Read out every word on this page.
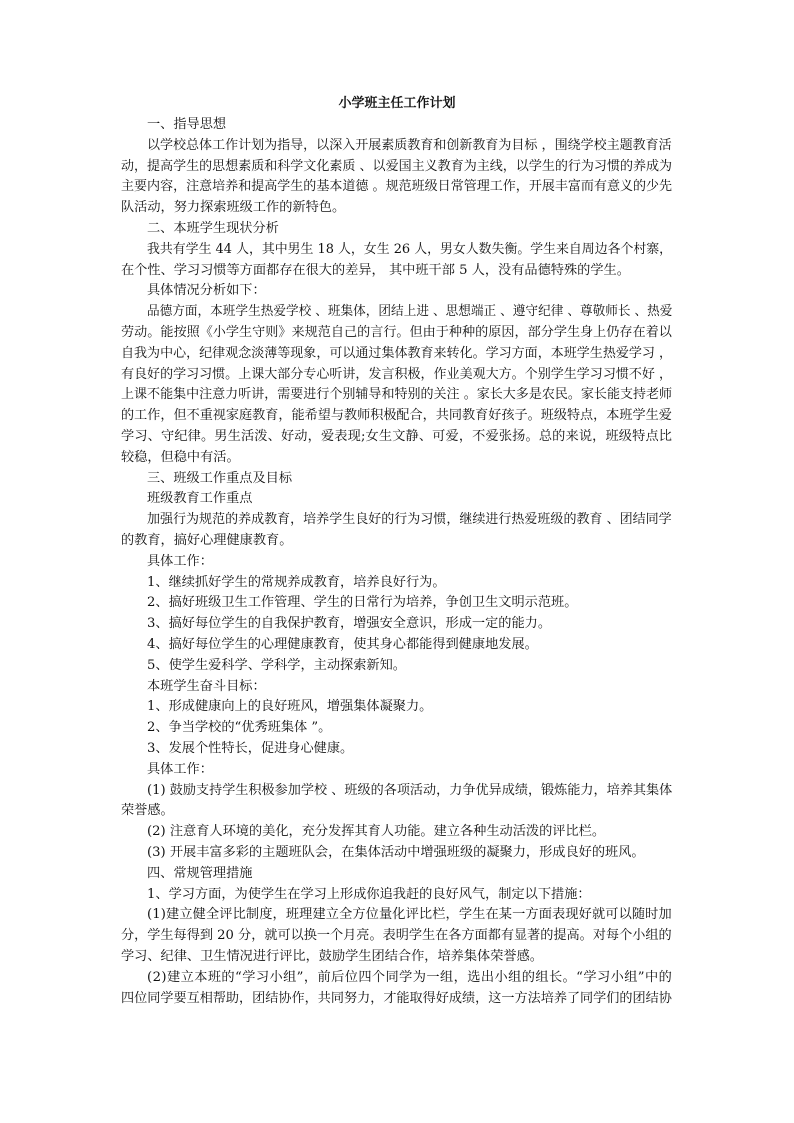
小学班主任工作计划
一、指导思想
以学校总体工作计划为指导，以深入开展素质教育和创新教育为目标 ，围绕学校主题教育活
动，提高学生的思想素质和科学文化素质 、以爱国主义教育为主线，以学生的行为习惯的养成为
主要内容，注意培养和提高学生的基本道德 。规范班级日常管理工作，开展丰富而有意义的少先
队活动，努力探索班级工作的新特色。
二、本班学生现状分析
我共有学生 44 人，其中男生 18 人，女生 26 人，男女人数失衡。学生来自周边各个村寨，
在个性、学习习惯等方面都存在很大的差异， 其中班干部 5 人，没有品德特殊的学生。
具体情况分析如下：
品德方面，本班学生热爱学校 、班集体，团结上进 、思想端正 、遵守纪律 、尊敬师长 、热爱
劳动。能按照《小学生守则》来规范自己的言行。但由于种种的原因，部分学生身上仍存在着以
自我为中心，纪律观念淡薄等现象，可以通过集体教育来转化。学习方面，本班学生热爱学习 ，
有良好的学习习惯。上课大部分专心听讲，发言积极，作业美观大方。个别学生学习习惯不好 ，
上课不能集中注意力听讲，需要进行个别辅导和特别的关注 。家长大多是农民。家长能支持老师
的工作，但不重视家庭教育，能希望与教师积极配合，共同教育好孩子。班级特点，本班学生爱
学习、守纪律。男生活泼、好动，爱表现;女生文静、可爱，不爱张扬。总的来说，班级特点比
较稳，但稳中有活。
三、班级工作重点及目标
班级教育工作重点
加强行为规范的养成教育，培养学生良好的行为习惯，继续进行热爱班级的教育 、团结同学
的教育，搞好心理健康教育。
具体工作：
1、继续抓好学生的常规养成教育，培养良好行为。
2、搞好班级卫生工作管理、学生的日常行为培养，争创卫生文明示范班。
3、搞好每位学生的自我保护教育，增强安全意识，形成一定的能力。
4、搞好每位学生的心理健康教育，使其身心都能得到健康地发展。
5、使学生爱科学、学科学，主动探索新知。
本班学生奋斗目标：
1、形成健康向上的良好班风，增强集体凝聚力。
2、争当学校的“优秀班集体 ”。
3、发展个性特长，促进身心健康。
具体工作：
(1) 鼓励支持学生积极参加学校 、班级的各项活动，力争优异成绩，锻炼能力，培养其集体
荣誉感。
(2) 注意育人环境的美化，充分发挥其育人功能。建立各种生动活泼的评比栏。
(3) 开展丰富多彩的主题班队会，在集体活动中增强班级的凝聚力，形成良好的班风。
四、常规管理措施
1、学习方面，为使学生在学习上形成你追我赶的良好风气，制定以下措施：
(1)建立健全评比制度，班理建立全方位量化评比栏，学生在某一方面表现好就可以随时加
分，学生每得到 20 分，就可以换一个月亮。表明学生在各方面都有显著的提高。对每个小组的
学习、纪律、卫生情况进行评比，鼓励学生团结合作，培养集体荣誉感。
(2)建立本班的“学习小组”，前后位四个同学为一组，选出小组的组长。“学习小组”中的
四位同学要互相帮助，团结协作，共同努力，才能取得好成绩，这一方法培养了同学们的团结协
